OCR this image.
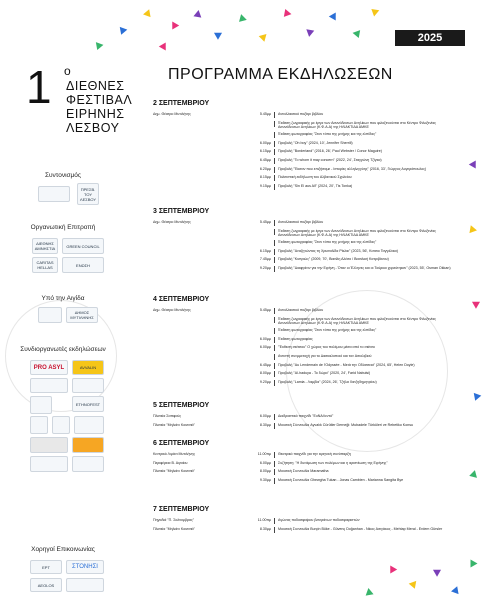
2025
1 ο
ΔΙΕΘΝΕΣ
ΦΕΣΤΙΒΑΛ
ΕΙΡΗΝΗΣ
ΛΕΣΒΟΥ
ΠΡΟΓΡΑΜΜΑ ΕΚΔΗΛΩΣΕΩΝ
Συντονισμός
ΠΡΕΣΒ. ΤΟΥ ΛΕΣΒΟΥ
Οργανωτική Επιτροπή
ΔΙΕΘΝΗΣ ΑΜΝΗΣΤΙΑ	GREEN COUNCIL
CARITAS HELLAS	ΕΝΩΣΗ
Υπό την Αιγίδα
ΔΗΜΟΣ ΜΥΤΙΛΗΝΗΣ
Συνδιοργανωτές εκδηλώσεων
PRO ASYL	AVVALIN
ETHNOFEST
Χορηγοί Επικοινωνίας
ΕΡΤ	ΣΤΟΝΗΣΙ
AEOLOS
2 ΣΕΠΤΕΜΒΡΙΟΥ
Δημ. Θέατρο Μυτιλήνης	5.45μμ Ανταλλακτικό παζάρι βιβλίου
Έκθεση ζωγραφικής με έργα των Ασυνόδευτων Ανηλίκων που φιλοξενούνται στο Κέντρο Φιλοξενίας
Ασυνόδευτων Ανηλίκων (Κ.Φ.Α.Α) της ΗΛΙΑΚΤΙΔΑ ΑΜΚΕ
Έκθεση φωτογραφίας "Στον τόπο της μνήμης και της ελπίδας"
6.00μμ Προβολή "Oh boy" (2024, 10', Jennifer Sherrill)
6.15μμ Προβολή "Borderland" (2016, 26', Paul Webster / Conor Maguire)
6.45μμ Προβολή "To whom it may concern" (2022, 24', Σταγγώνη Τζίγκα)
6.20μμ Προβολή "Έκσαν που επιζήσαμε - Ιστορίες αλληλεγγύης" (2016, 33', Γιώργος Αυγερόπουλος)
8.15μμ Πολιτιστική εκδήλωση του Αλβανικού Σχολείου
9.15μμ Προβολή "Sin El aus All" (2024, 20', Tis Tonka)
3 ΣΕΠΤΕΜΒΡΙΟΥ
Δημ. Θέατρο Μυτιλήνης	5.45μμ Ανταλλακτικό παζάρι βιβλίου
Έκθεση ζωγραφικής με έργα των Ασυνόδευτων Ανηλίκων που φιλοξενούνται στο Κέντρο Φιλοξενίας
Ασυνόδευτων Ανηλίκων (Κ.Φ.Α.Α) της ΗΛΙΑΚΤΙΔΑ ΑΜΚΕ
Έκθεση φωτογραφίας "Στον τόπο της μνήμης και της ελπίδας"
6.15μμ Προβολή "Αναζητώντας τη Χρυσαλίδα Ρίκλαι" (2023, 56', Κοτσιο Ταγγάλικα)
7.45μμ Προβολή "Κυπριώς" (2009, 70', Βασίλη Αλέσο / Βασιλική Κατριβάνου)
9.20μμ Προβολή "Διαφγάνιν για την Ειρήνη - Όταν οι Έλληνες και οι Τούρκοι χορεύτηκαν" (2023, 55', Osman Okkan)
4 ΣΕΠΤΕΜΒΡΙΟΥ
Δημ. Θέατρο Μυτιλήνης	5.45μμ Ανταλλακτικό παζάρι βιβλίου
Έκθεση ζωγραφικής με έργα των Ασυνόδευτων Ανηλίκων που φιλοξενούνται στο Κέντρο Φιλοξενίας
Ασυνόδευτων Ανηλίκων (Κ.Φ.Α.Α) της ΗΛΙΑΚΤΙΔΑ ΑΜΚΕ
Έκθεση φωτογραφίας "Στον τόπο της μνήμης και της ελπίδας"
6.00μμ Έκθεση φωτογραφίας
6.00μμ "Έκθεση σκίτσου" Ο χώρος του πολέμου μέσα από το σκίτσο
Αντιστή συνμμετοχή για το Δασκαλοποιό και τον Αιτιολιβιού
6.45μμ Προβολή "Au Lendemain de l'Odyssée - Μετά την Οδύσσεια" (2024, 65', Helen Doyle)
8.00μμ Προβολή "Al-haduya - To δώρο" (2020, 24', Farid Nabulsi)
9.20μμ Προβολή "Lamia - Λαμβία" (2024, 26', Τζήλα Χατζηδημητρίου)
5 ΣΕΠΤΕΜΒΡΙΟΥ
Πλατεία Σαπφούς	6.00μμ Διαδραστικό παιχνίδι "ΕυΝΑΛεντό"
Πλατεία "Μηλιάνι Κουτσιά"	8.30μμ Μουσική Σύνναυλία Ayvalık Cürütler Derneği: Mubadele Türküleri ve Rebetiko Konsu
6 ΣΕΠΤΕΜΒΡΙΟΥ
Κεντρικό Λιμάνι Μυτιλήνης	11.00πμ Θεατρικό παιχνίδι για την ειρηνική συνύπαρξη
Περιφέρεια Β. Αιγαίου	6.00μμ Συζήτηση: "Η δυνάμωση των πολέμων και η αριστέωση της Ειρήνης"
Πλατεία "Μηλιάνι Κουτσιά"	8.00μμ Μουσική Συνναυλία Maramatha
9.30μμ Μουσική Συνναυλία Ghewgha Tukan - Jonas Cambien - Marianna Sangita Bye
7 ΣΕΠΤΕΜΒΡΙΟΥ
Πηγαδιά "Π. Σαλταμβρας"	11.00πμ Αγώνας ποδοσφαίρου βετεράνων ποδοσφαιριστών
Πλατεία "Μηλιάνι Κουτσιά"	8.30μμ Μουσική Συνναυλία Burçin Büke - Güvenç Doğanhan - Νίκος Ασιγάκος - Mehtap Meral - Erdem Gürsler
